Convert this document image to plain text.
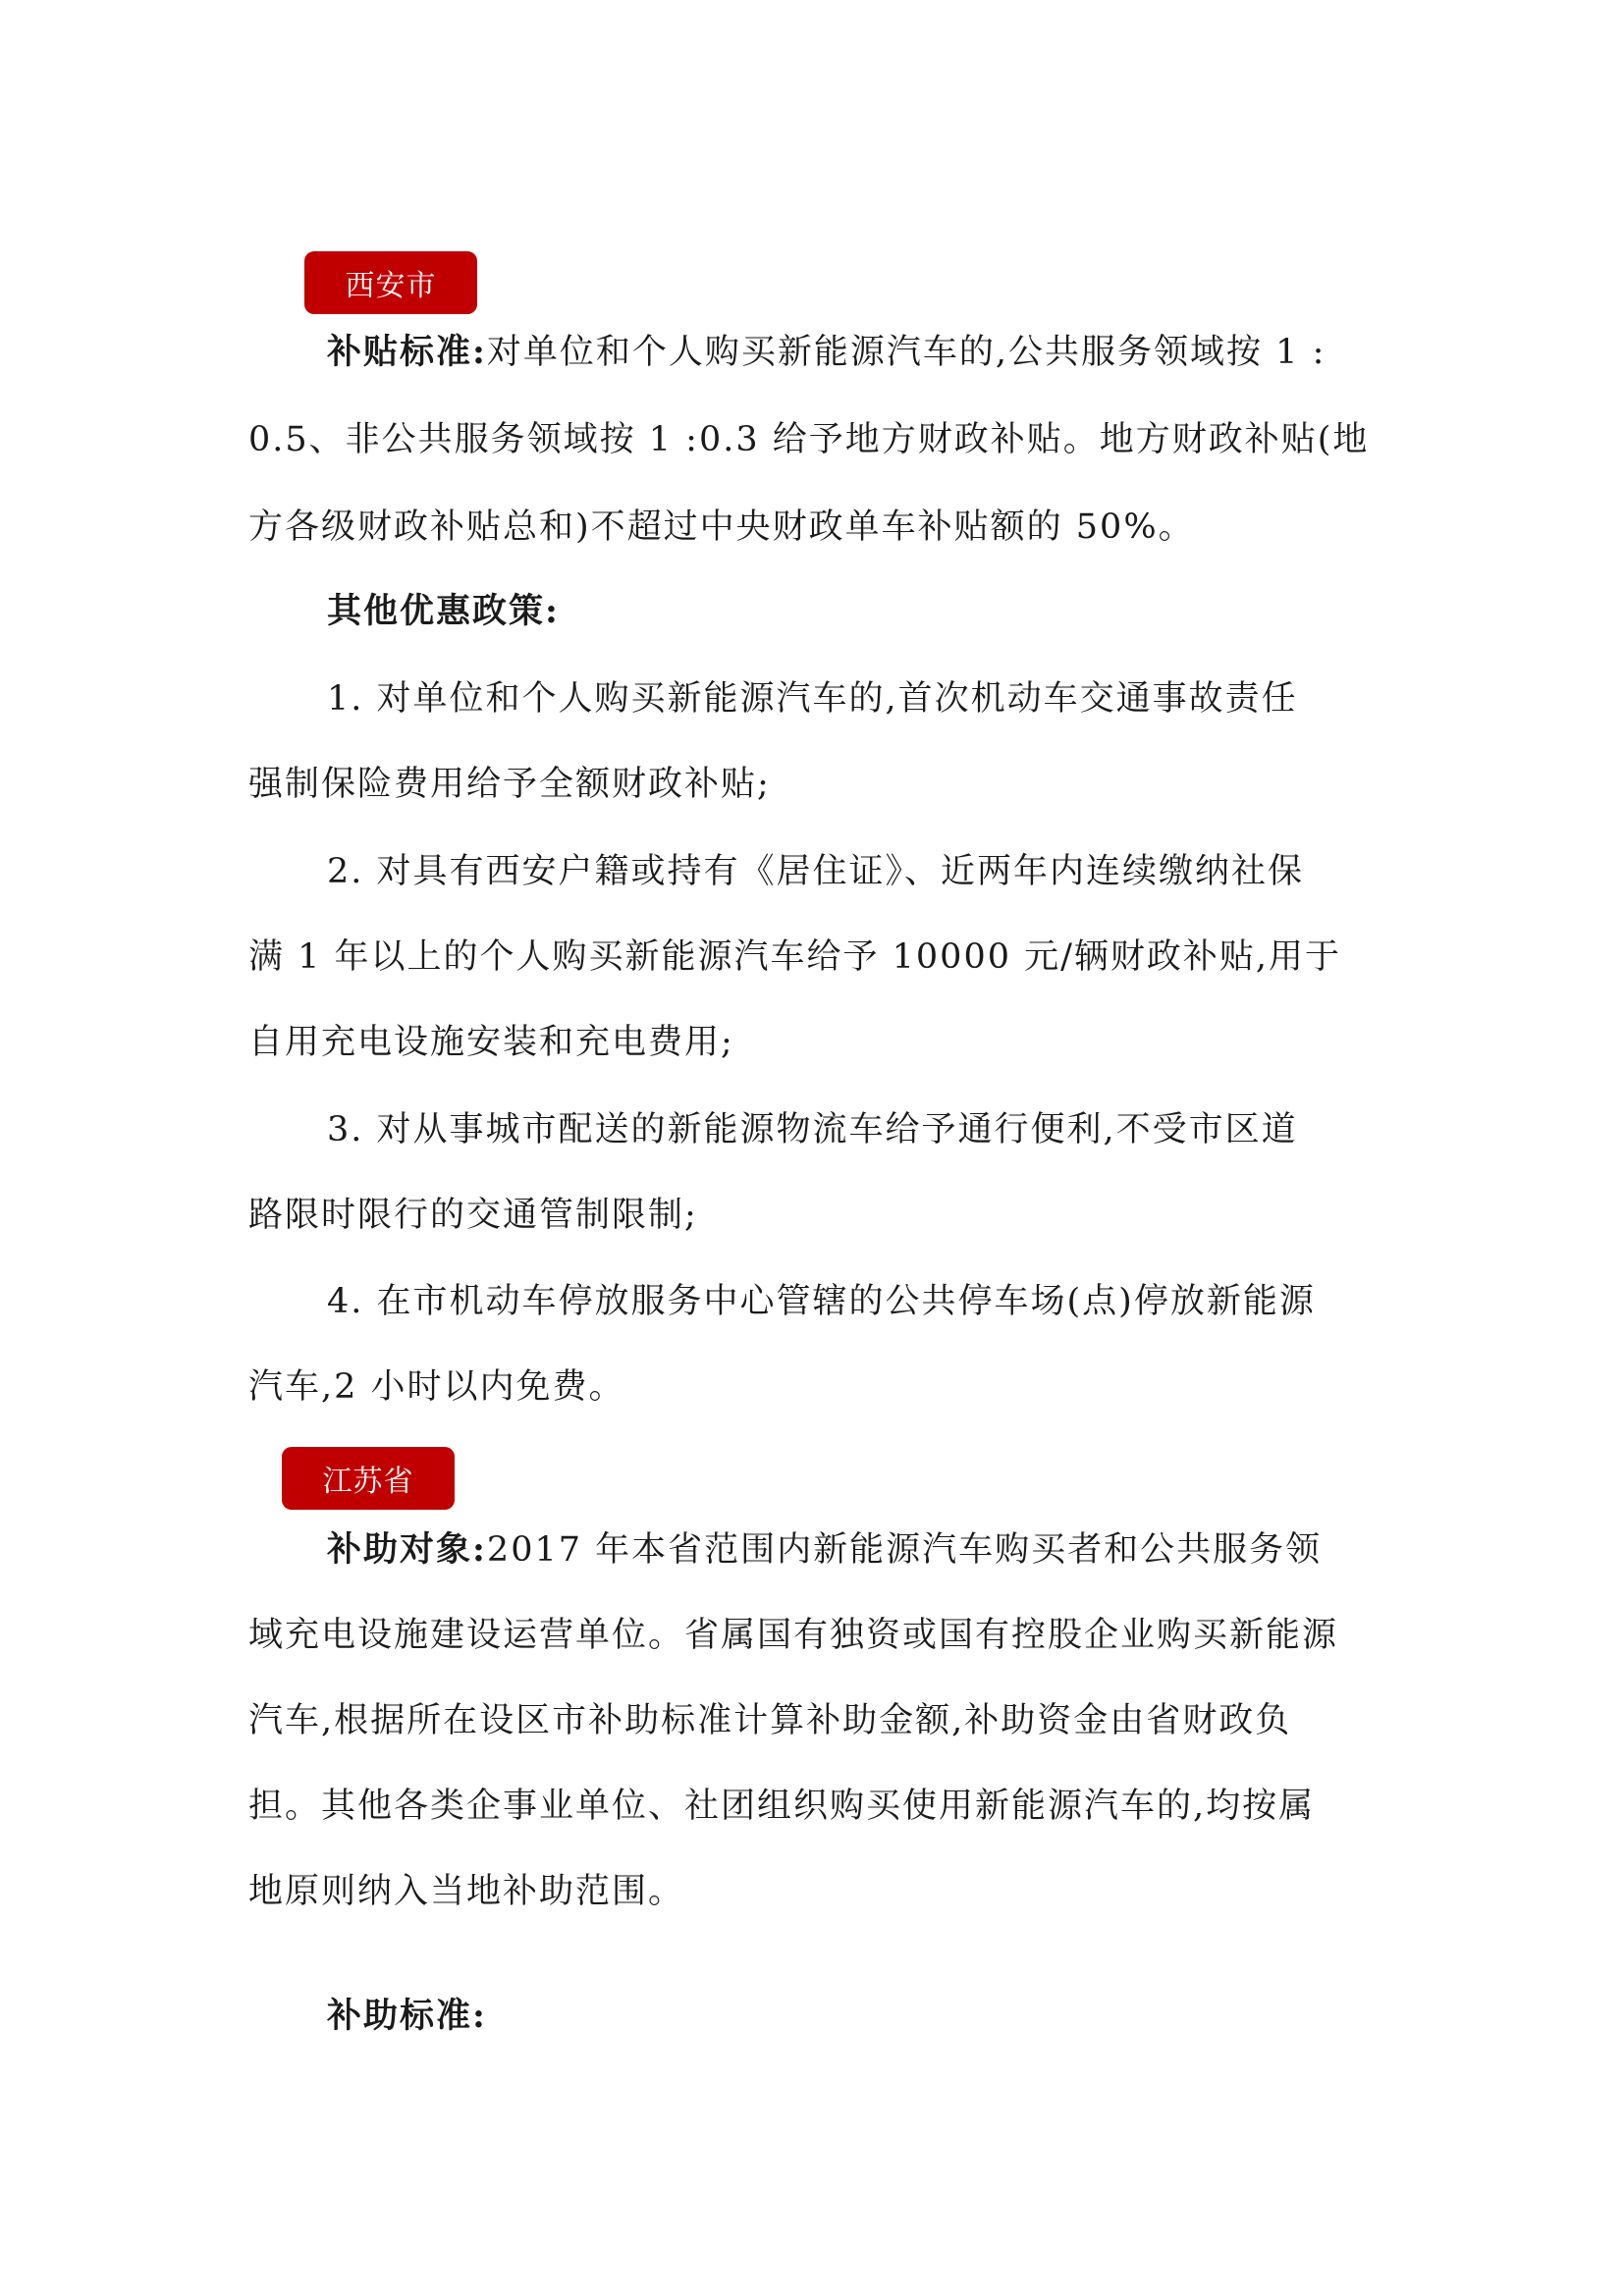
西安市
补贴标准:对单位和个人购买新能源汽车的,公共服务领域按 1 :
0.5、非公共服务领域按 1 :0.3 给予地方财政补贴。地方财政补贴(地
方各级财政补贴总和)不超过中央财政单车补贴额的 50%。
其他优惠政策:
1. 对单位和个人购买新能源汽车的,首次机动车交通事故责任
强制保险费用给予全额财政补贴;
2. 对具有西安户籍或持有《居住证》、近两年内连续缴纳社保
满 1 年以上的个人购买新能源汽车给予 10000 元/辆财政补贴,用于
自用充电设施安装和充电费用;
3. 对从事城市配送的新能源物流车给予通行便利,不受市区道
路限时限行的交通管制限制;
4. 在市机动车停放服务中心管辖的公共停车场(点)停放新能源
汽车,2 小时以内免费。
江苏省
补助对象:2017 年本省范围内新能源汽车购买者和公共服务领
域充电设施建设运营单位。省属国有独资或国有控股企业购买新能源
汽车,根据所在设区市补助标准计算补助金额,补助资金由省财政负
担。其他各类企事业单位、社团组织购买使用新能源汽车的,均按属
地原则纳入当地补助范围。
补助标准:
